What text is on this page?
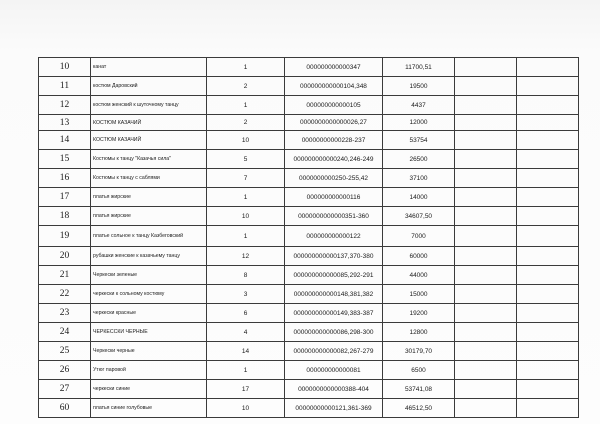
10	канат	1	000000000000347	11700,51		
11	костюм Даровский	2	000000000000104,348	19500		
12	костюм женский к шуточному танцу	1	000000000000105	4437		
13	КОСТЮМ КАЗАЧИЙ	2	0000000000000026,27	12000		
14	КОСТЮМ КАЗАЧИЙ	10	00000000000228-237	53754		
15	Костюмы к танцу "Казачья сила"	5	000000000000240,246-249	26500		
16	Костюмы к танцу с саблями	7	0000000000250-255,42	37100		
17	платья жирские	1	000000000000116	14000		
18	платья жирские	10	0000000000000351-360	34607,50		
19	платье сольное к танцу Казбеговский	1	000000000000122	7000		
20	рубашки женские к казачьему танцу	12	000000000000137,370-380	60000		
21	Черкески зеленые	8	000000000000085,292-291	44000		
22	черкески к сольному костюму	3	000000000000148,381,382	15000		
23	черкески красные	6	000000000000149,383-387	19200		
24	ЧЕРКЕССКИ ЧЕРНЫЕ	4	000000000000086,298-300	12800		
25	Черкески черные	14	000000000000082,267-279	30179,70		
26	Утюг паровой	1	000000000000081	6500		
27	черкески синие	17	0000000000000388-404	53741,08		
60	платья синие голубовые	10	00000000000121,361-369	46512,50		
